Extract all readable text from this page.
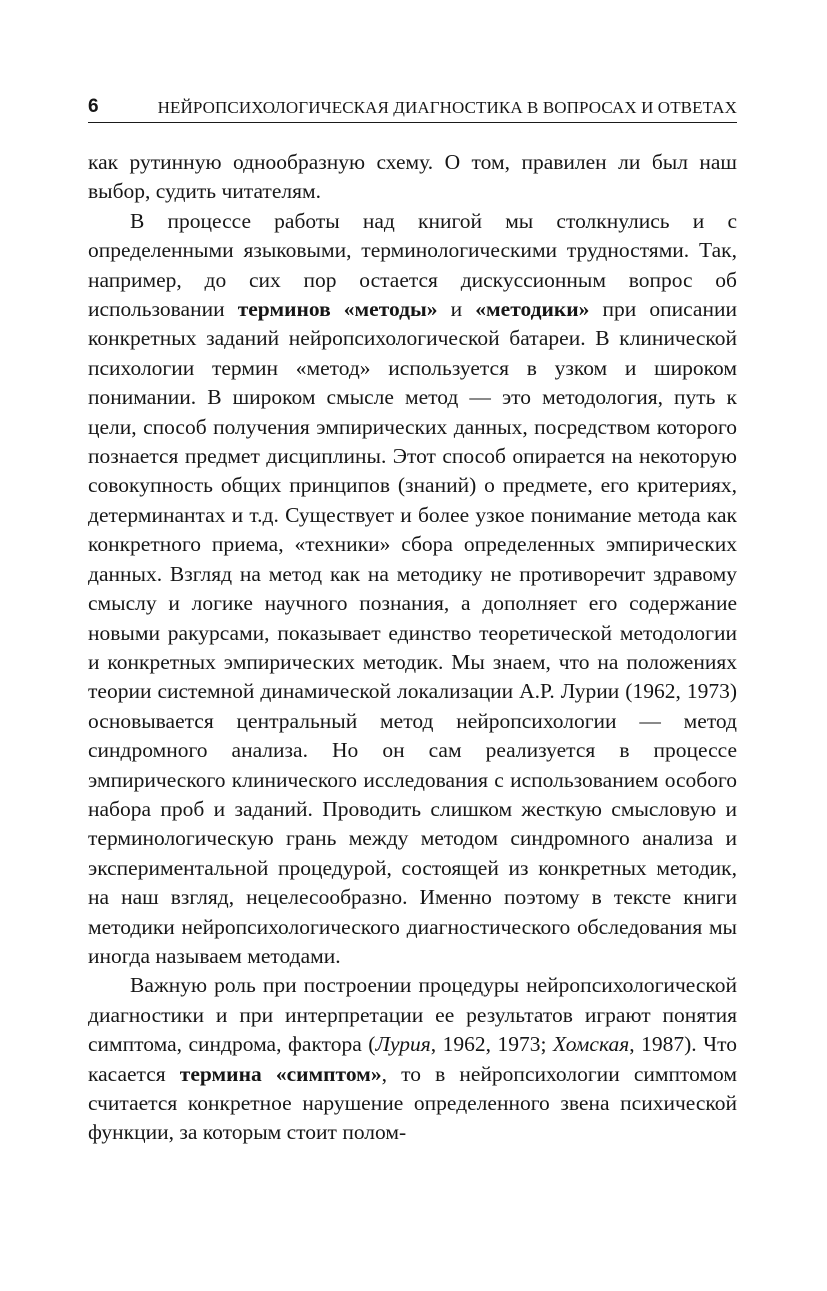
6	НЕЙРОПСИХОЛОГИЧЕСКАЯ ДИАГНОСТИКА В ВОПРОСАХ И ОТВЕТАХ

как рутинную однообразную схему. О том, правилен ли был наш выбор, судить читателям.

В процессе работы над книгой мы столкнулись и с определенными языковыми, терминологическими трудностями. Так, например, до сих пор остается дискуссионным вопрос об использовании терминов «методы» и «методики» при описании конкретных заданий нейропсихологической батареи. В клинической психологии термин «метод» используется в узком и широком понимании. В широком смысле метод — это методология, путь к цели, способ получения эмпирических данных, посредством которого познается предмет дисциплины. Этот способ опирается на некоторую совокупность общих принципов (знаний) о предмете, его критериях, детерминантах и т.д. Существует и более узкое понимание метода как конкретного приема, «техники» сбора определенных эмпирических данных. Взгляд на метод как на методику не противоречит здравому смыслу и логике научного познания, а дополняет его содержание новыми ракурсами, показывает единство теоретической методологии и конкретных эмпирических методик. Мы знаем, что на положениях теории системной динамической локализации А.Р. Лурии (1962, 1973) основывается центральный метод нейропсихологии — метод синдромного анализа. Но он сам реализуется в процессе эмпирического клинического исследования с использованием особого набора проб и заданий. Проводить слишком жесткую смысловую и терминологическую грань между методом синдромного анализа и экспериментальной процедурой, состоящей из конкретных методик, на наш взгляд, нецелесообразно. Именно поэтому в тексте книги методики нейропсихологического диагностического обследования мы иногда называем методами.

Важную роль при построении процедуры нейропсихологической диагностики и при интерпретации ее результатов играют понятия симптома, синдрома, фактора (Лурия, 1962, 1973; Хомская, 1987). Что касается термина «симптом», то в нейропсихологии симптомом считается конкретное нарушение определенного звена психической функции, за которым стоит полом-
